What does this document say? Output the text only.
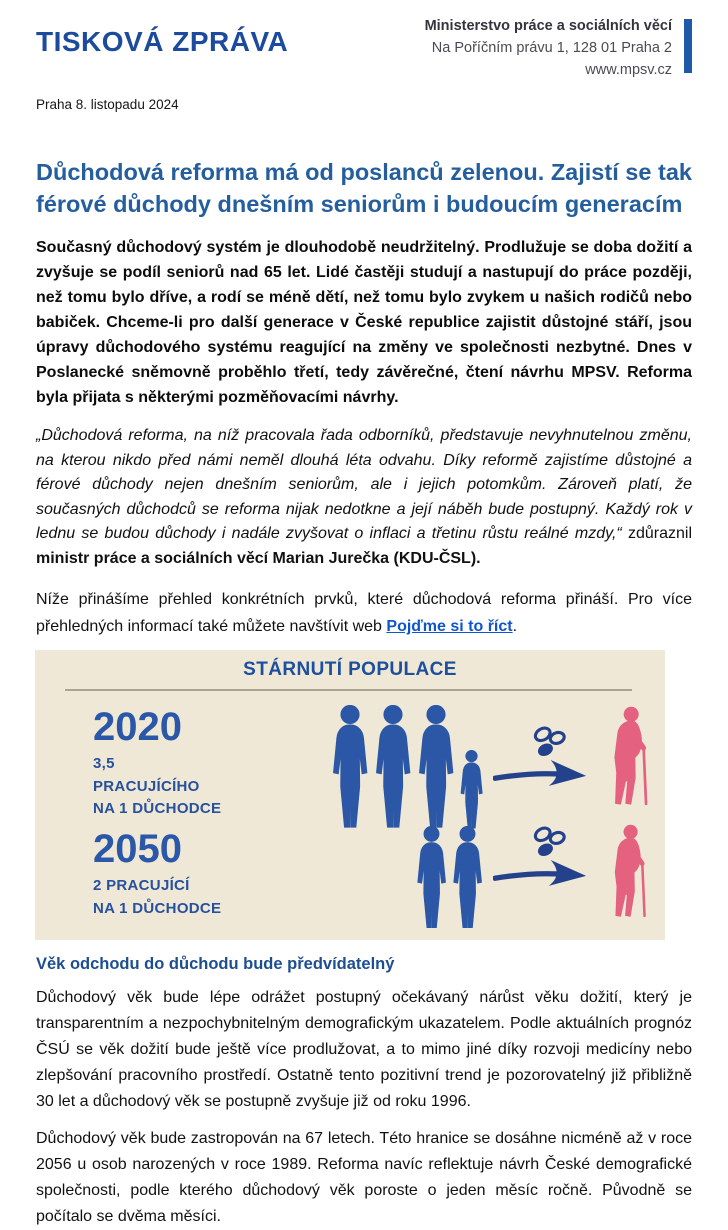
TISKOVÁ ZPRÁVA	Ministerstvo práce a sociálních věcí
Na Poříčním právu 1, 128 01 Praha 2
www.mpsv.cz
Praha 8. listopadu 2024
Důchodová reforma má od poslanců zelenou. Zajistí se tak férové důchody dnešním seniorům i budoucím generacím

Současný důchodový systém je dlouhodobě neudržitelný. Prodlužuje se doba dožití a zvyšuje se podíl seniorů nad 65 let. Lidé častěji studují a nastupují do práce později, než tomu bylo dříve, a rodí se méně dětí, než tomu bylo zvykem u našich rodičů nebo babiček. Chceme-li pro další generace v České republice zajistit důstojné stáří, jsou úpravy důchodového systému reagující na změny ve společnosti nezbytné. Dnes v Poslanecké sněmovně proběhlo třetí, tedy závěrečné, čtení návrhu MPSV. Reforma byla přijata s některými pozměňovacími návrhy.

„Důchodová reforma, na níž pracovala řada odborníků, představuje nevyhnutelnou změnu, na kterou nikdo před námi neměl dlouhá léta odvahu. Díky reformě zajistíme důstojné a férové důchody nejen dnešním seniorům, ale i jejich potomkům. Zároveň platí, že současných důchodců se reforma nijak nedotkne a její náběh bude postupný. Každý rok v lednu se budou důchody i nadále zvyšovat o inflaci a třetinu růstu reálné mzdy,“ zdůraznil ministr práce a sociálních věcí Marian Jurečka (KDU-ČSL).

Níže přinášíme přehled konkrétních prvků, které důchodová reforma přináší. Pro více přehledných informací také můžete navštívit web Pojďme si to říct.

STÁRNUTÍ POPULACE
2020
3,5 PRACUJÍCÍHO
NA 1 DŮCHODCE
2050
2 PRACUJÍCÍ
NA 1 DŮCHODCE
Věk odchodu do důchodu bude předvídatelný

Důchodový věk bude lépe odrážet postupný očekávaný nárůst věku dožití, který je transparentním a nezpochybnitelným demografickým ukazatelem. Podle aktuálních prognóz ČSÚ se věk dožití bude ještě více prodlužovat, a to mimo jiné díky rozvoji medicíny nebo zlepšování pracovního prostředí. Ostatně tento pozitivní trend je pozorovatelný již přibližně 30 let a důchodový věk se postupně zvyšuje již od roku 1996.

Důchodový věk bude zastropován na 67 letech. Této hranice se dosáhne nicméně až v roce 2056 u osob narozených v roce 1989. Reforma navíc reflektuje návrh České demografické společnosti, podle kterého důchodový věk poroste o jeden měsíc ročně. Původně se počítalo se dvěma měsíci.
